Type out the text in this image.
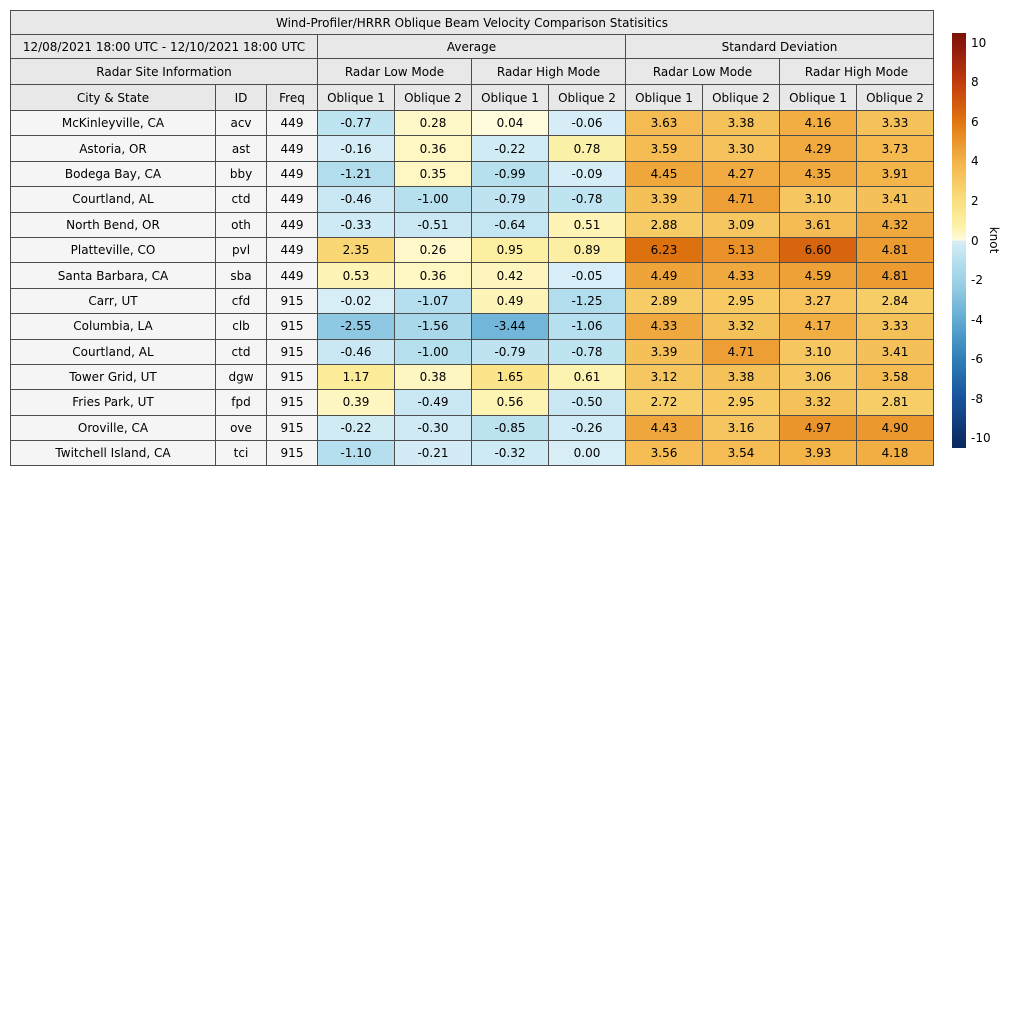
Wind-Profiler/HRRR Oblique Beam Velocity Comparison Statisitics										
12/08/2021 18:00 UTC - 12/10/2021 18:00 UTC			Average				Standard Deviation			
Radar Site Information			Radar Low Mode		Radar High Mode		Radar Low Mode		Radar High Mode	
City & State	ID	Freq	Oblique 1	Oblique 2	Oblique 1	Oblique 2	Oblique 1	Oblique 2	Oblique 1	Oblique 2
McKinleyville, CA	acv	449	-0.77	0.28	0.04	-0.06	3.63	3.38	4.16	3.33
Astoria, OR	ast	449	-0.16	0.36	-0.22	0.78	3.59	3.30	4.29	3.73
Bodega Bay, CA	bby	449	-1.21	0.35	-0.99	-0.09	4.45	4.27	4.35	3.91
Courtland, AL	ctd	449	-0.46	-1.00	-0.79	-0.78	3.39	4.71	3.10	3.41
North Bend, OR	oth	449	-0.33	-0.51	-0.64	0.51	2.88	3.09	3.61	4.32
Platteville, CO	pvl	449	2.35	0.26	0.95	0.89	6.23	5.13	6.60	4.81
Santa Barbara, CA	sba	449	0.53	0.36	0.42	-0.05	4.49	4.33	4.59	4.81
Carr, UT	cfd	915	-0.02	-1.07	0.49	-1.25	2.89	2.95	3.27	2.84
Columbia, LA	clb	915	-2.55	-1.56	-3.44	-1.06	4.33	3.32	4.17	3.33
Courtland, AL	ctd	915	-0.46	-1.00	-0.79	-0.78	3.39	4.71	3.10	3.41
Tower Grid, UT	dgw	915	1.17	0.38	1.65	0.61	3.12	3.38	3.06	3.58
Fries Park, UT	fpd	915	0.39	-0.49	0.56	-0.50	2.72	2.95	3.32	2.81
Oroville, CA	ove	915	-0.22	-0.30	-0.85	-0.26	4.43	3.16	4.97	4.90
Twitchell Island, CA	tci	915	-1.10	-0.21	-0.32	0.00	3.56	3.54	3.93	4.18
10
8
6
4
2
0
-2
-4
-6
-8
-10
knot
